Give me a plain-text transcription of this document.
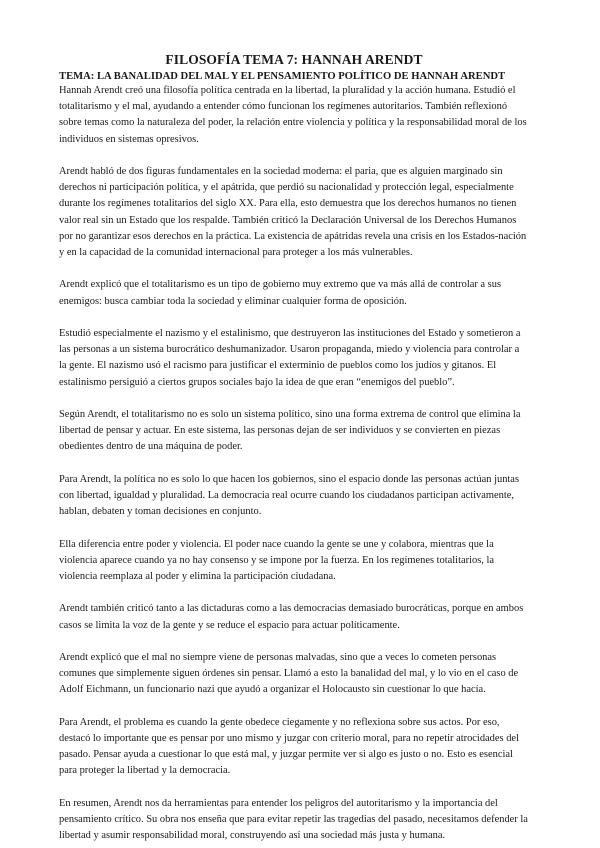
FILOSOFÍA TEMA 7: HANNAH ARENDT
TEMA: LA BANALIDAD DEL MAL Y EL PENSAMIENTO POLÍTICO DE HANNAH ARENDT

Hannah Arendt creó una filosofía política centrada en la libertad, la pluralidad y la acción humana. Estudió el totalitarismo y el mal, ayudando a entender cómo funcionan los regímenes autoritarios. También reflexionó sobre temas como la naturaleza del poder, la relación entre violencia y política y la responsabilidad moral de los individuos en sistemas opresivos.

Arendt habló de dos figuras fundamentales en la sociedad moderna: el paria, que es alguien marginado sin derechos ni participación política, y el apátrida, que perdió su nacionalidad y protección legal, especialmente durante los regímenes totalitarios del siglo XX. Para ella, esto demuestra que los derechos humanos no tienen valor real sin un Estado que los respalde. También criticó la Declaración Universal de los Derechos Humanos por no garantizar esos derechos en la práctica. La existencia de apátridas revela una crisis en los Estados-nación y en la capacidad de la comunidad internacional para proteger a los más vulnerables.

Arendt explicó que el totalitarismo es un tipo de gobierno muy extremo que va más allá de controlar a sus enemigos: busca cambiar toda la sociedad y eliminar cualquier forma de oposición.

Estudió especialmente el nazismo y el estalinismo, que destruyeron las instituciones del Estado y sometieron a las personas a un sistema burocrático deshumanizador. Usaron propaganda, miedo y violencia para controlar a la gente. El nazismo usó el racismo para justificar el exterminio de pueblos como los judíos y gitanos. El estalinismo persiguió a ciertos grupos sociales bajo la idea de que eran “enemigos del pueblo”.

Según Arendt, el totalitarismo no es solo un sistema político, sino una forma extrema de control que elimina la libertad de pensar y actuar. En este sistema, las personas dejan de ser individuos y se convierten en piezas obedientes dentro de una máquina de poder.

Para Arendt, la política no es solo lo que hacen los gobiernos, sino el espacio donde las personas actúan juntas con libertad, igualdad y pluralidad. La democracia real ocurre cuando los ciudadanos participan activamente, hablan, debaten y toman decisiones en conjunto.

Ella diferencia entre poder y violencia. El poder nace cuando la gente se une y colabora, mientras que la violencia aparece cuando ya no hay consenso y se impone por la fuerza. En los regímenes totalitarios, la violencia reemplaza al poder y elimina la participación ciudadana.

Arendt también criticó tanto a las dictaduras como a las democracias demasiado burocráticas, porque en ambos casos se limita la voz de la gente y se reduce el espacio para actuar políticamente.

Arendt explicó que el mal no siempre viene de personas malvadas, sino que a veces lo cometen personas comunes que simplemente siguen órdenes sin pensar. Llamó a esto la banalidad del mal, y lo vio en el caso de Adolf Eichmann, un funcionario nazi que ayudó a organizar el Holocausto sin cuestionar lo que hacía.

Para Arendt, el problema es cuando la gente obedece ciegamente y no reflexiona sobre sus actos. Por eso, destacó lo importante que es pensar por uno mismo y juzgar con criterio moral, para no repetir atrocidades del pasado. Pensar ayuda a cuestionar lo que está mal, y juzgar permite ver si algo es justo o no. Esto es esencial para proteger la libertad y la democracia.

En resumen, Arendt nos da herramientas para entender los peligros del autoritarismo y la importancia del pensamiento crítico. Su obra nos enseña que para evitar repetir las tragedias del pasado, necesitamos defender la libertad y asumir responsabilidad moral, construyendo así una sociedad más justa y humana.
